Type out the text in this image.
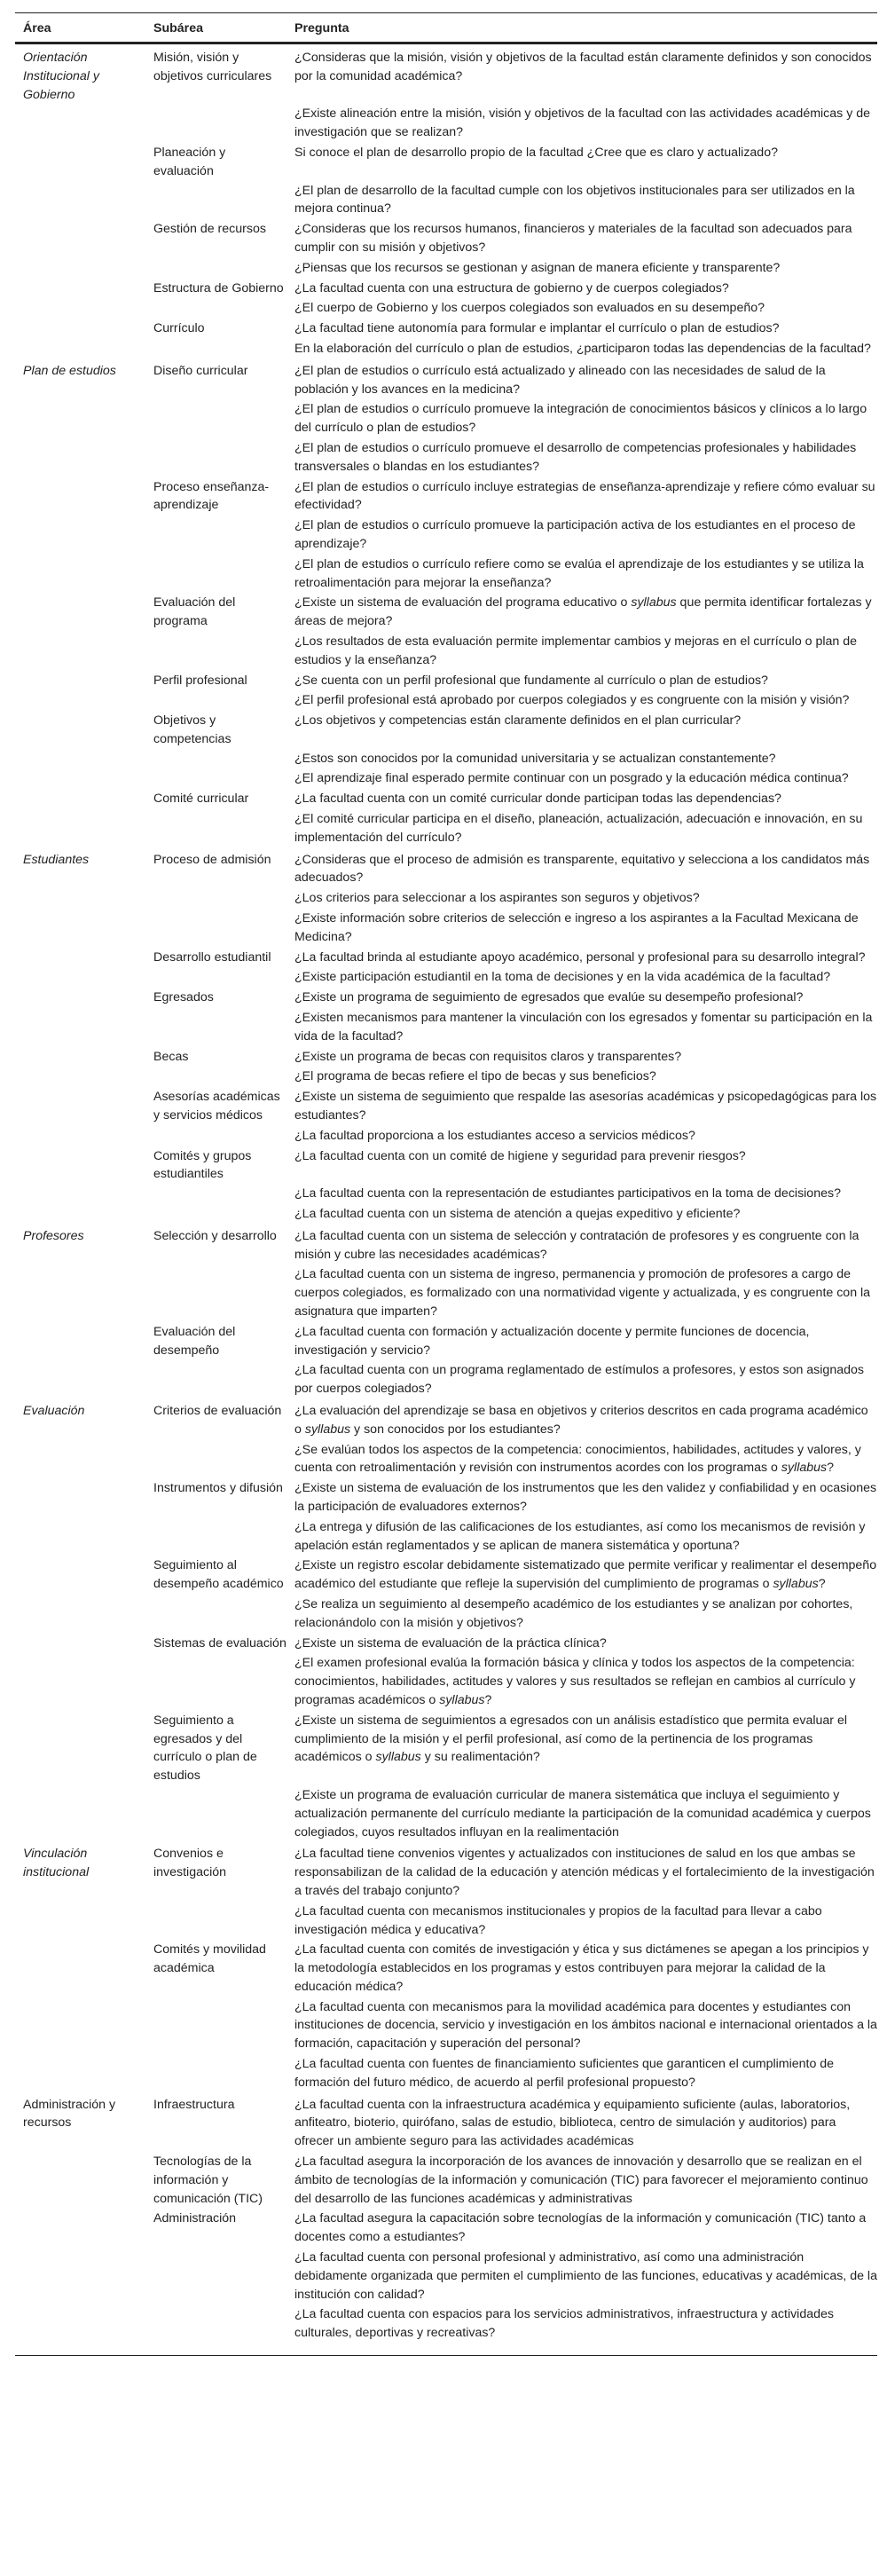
Área	Subárea	Pregunta
Orientación Institucional y Gobierno	Misión, visión y objetivos curriculares	¿Consideras que la misión, visión y objetivos de la facultad están claramente definidos y son conocidos por la comunidad académica?
		¿Existe alineación entre la misión, visión y objetivos de la facultad con las actividades académicas y de investigación que se realizan?
	Planeación y evaluación	Si conoce el plan de desarrollo propio de la facultad ¿Cree que es claro y actualizado?
		¿El plan de desarrollo de la facultad cumple con los objetivos institucionales para ser utilizados en la mejora continua?
	Gestión de recursos	¿Consideras que los recursos humanos, financieros y materiales de la facultad son adecuados para cumplir con su misión y objetivos?
		¿Piensas que los recursos se gestionan y asignan de manera eficiente y transparente?
	Estructura de Gobierno	¿La facultad cuenta con una estructura de gobierno y de cuerpos colegiados?
		¿El cuerpo de Gobierno y los cuerpos colegiados son evaluados en su desempeño?
	Currículo	¿La facultad tiene autonomía para formular e implantar el currículo o plan de estudios?
		En la elaboración del currículo o plan de estudios, ¿participaron todas las dependencias de la facultad?
Plan de estudios	Diseño curricular	¿El plan de estudios o currículo está actualizado y alineado con las necesidades de salud de la población y los avances en la medicina?
		¿El plan de estudios o currículo promueve la integración de conocimientos básicos y clínicos a lo largo del currículo o plan de estudios?
		¿El plan de estudios o currículo promueve el desarrollo de competencias profesionales y habilidades transversales o blandas en los estudiantes?
	Proceso enseñanza-aprendizaje	¿El plan de estudios o currículo incluye estrategias de enseñanza-aprendizaje y refiere cómo evaluar su efectividad?
		¿El plan de estudios o currículo promueve la participación activa de los estudiantes en el proceso de aprendizaje?
		¿El plan de estudios o currículo refiere como se evalúa el aprendizaje de los estudiantes y se utiliza la retroalimentación para mejorar la enseñanza?
	Evaluación del programa	¿Existe un sistema de evaluación del programa educativo o syllabus que permita identificar fortalezas y áreas de mejora?
		¿Los resultados de esta evaluación permite implementar cambios y mejoras en el currículo o plan de estudios y la enseñanza?
	Perfil profesional	¿Se cuenta con un perfil profesional que fundamente al currículo o plan de estudios?
		¿El perfil profesional está aprobado por cuerpos colegiados y es congruente con la misión y visión?
	Objetivos y competencias	¿Los objetivos y competencias están claramente definidos en el plan curricular?
		¿Estos son conocidos por la comunidad universitaria y se actualizan constantemente?
		¿El aprendizaje final esperado permite continuar con un posgrado y la educación médica continua?
	Comité curricular	¿La facultad cuenta con un comité curricular donde participan todas las dependencias?
		¿El comité curricular participa en el diseño, planeación, actualización, adecuación e innovación, en su implementación del currículo?
Estudiantes	Proceso de admisión	¿Consideras que el proceso de admisión es transparente, equitativo y selecciona a los candidatos más adecuados?
		¿Los criterios para seleccionar a los aspirantes son seguros y objetivos?
		¿Existe información sobre criterios de selección e ingreso a los aspirantes a la Facultad Mexicana de Medicina?
	Desarrollo estudiantil	¿La facultad brinda al estudiante apoyo académico, personal y profesional para su desarrollo integral?
		¿Existe participación estudiantil en la toma de decisiones y en la vida académica de la facultad?
	Egresados	¿Existe un programa de seguimiento de egresados que evalúe su desempeño profesional?
		¿Existen mecanismos para mantener la vinculación con los egresados y fomentar su participación en la vida de la facultad?
	Becas	¿Existe un programa de becas con requisitos claros y transparentes?
		¿El programa de becas refiere el tipo de becas y sus beneficios?
	Asesorías académicas y servicios médicos	¿Existe un sistema de seguimiento que respalde las asesorías académicas y psicopedagógicas para los estudiantes?
		¿La facultad proporciona a los estudiantes acceso a servicios médicos?
	Comités y grupos estudiantiles	¿La facultad cuenta con un comité de higiene y seguridad para prevenir riesgos?
		¿La facultad cuenta con la representación de estudiantes participativos en la toma de decisiones?
		¿La facultad cuenta con un sistema de atención a quejas expeditivo y eficiente?
Profesores	Selección y desarrollo	¿La facultad cuenta con un sistema de selección y contratación de profesores y es congruente con la misión y cubre las necesidades académicas?
		¿La facultad cuenta con un sistema de ingreso, permanencia y promoción de profesores a cargo de cuerpos colegiados, es formalizado con una normatividad vigente y actualizada, y es congruente con la asignatura que imparten?
	Evaluación del desempeño	¿La facultad cuenta con formación y actualización docente y permite funciones de docencia, investigación y servicio?
		¿La facultad cuenta con un programa reglamentado de estímulos a profesores, y estos son asignados por cuerpos colegiados?
Evaluación	Criterios de evaluación	¿La evaluación del aprendizaje se basa en objetivos y criterios descritos en cada programa académico o syllabus y son conocidos por los estudiantes?
		¿Se evalúan todos los aspectos de la competencia: conocimientos, habilidades, actitudes y valores, y cuenta con retroalimentación y revisión con instrumentos acordes con los programas o syllabus?
	Instrumentos y difusión	¿Existe un sistema de evaluación de los instrumentos que les den validez y confiabilidad y en ocasiones la participación de evaluadores externos?
		¿La entrega y difusión de las calificaciones de los estudiantes, así como los mecanismos de revisión y apelación están reglamentados y se aplican de manera sistemática y oportuna?
	Seguimiento al desempeño académico	¿Existe un registro escolar debidamente sistematizado que permite verificar y realimentar el desempeño académico del estudiante que refleje la supervisión del cumplimiento de programas o syllabus?
		¿Se realiza un seguimiento al desempeño académico de los estudiantes y se analizan por cohortes, relacionándolo con la misión y objetivos?
	Sistemas de evaluación	¿Existe un sistema de evaluación de la práctica clínica?
		¿El examen profesional evalúa la formación básica y clínica y todos los aspectos de la competencia: conocimientos, habilidades, actitudes y valores y sus resultados se reflejan en cambios al currículo y programas académicos o syllabus?
	Seguimiento a egresados y del currículo o plan de estudios	¿Existe un sistema de seguimientos a egresados con un análisis estadístico que permita evaluar el cumplimiento de la misión y el perfil profesional, así como de la pertinencia de los programas académicos o syllabus y su realimentación?
		¿Existe un programa de evaluación curricular de manera sistemática que incluya el seguimiento y actualización permanente del currículo mediante la participación de la comunidad académica y cuerpos colegiados, cuyos resultados influyan en la realimentación
Vinculación institucional	Convenios e investigación	¿La facultad tiene convenios vigentes y actualizados con instituciones de salud en los que ambas se responsabilizan de la calidad de la educación y atención médicas y el fortalecimiento de la investigación a través del trabajo conjunto?
		¿La facultad cuenta con mecanismos institucionales y propios de la facultad para llevar a cabo investigación médica y educativa?
	Comités y movilidad académica	¿La facultad cuenta con comités de investigación y ética y sus dictámenes se apegan a los principios y la metodología establecidos en los programas y estos contribuyen para mejorar la calidad de la educación médica?
		¿La facultad cuenta con mecanismos para la movilidad académica para docentes y estudiantes con instituciones de docencia, servicio y investigación en los ámbitos nacional e internacional orientados a la formación, capacitación y superación del personal?
		¿La facultad cuenta con fuentes de financiamiento suficientes que garanticen el cumplimiento de formación del futuro médico, de acuerdo al perfil profesional propuesto?
Administración y recursos	Infraestructura	¿La facultad cuenta con la infraestructura académica y equipamiento suficiente (aulas, laboratorios, anfiteatro, bioterio, quirófano, salas de estudio, biblioteca, centro de simulación y auditorios) para ofrecer un ambiente seguro para las actividades académicas
	Tecnologías de la información y comunicación (TIC)	¿La facultad asegura la incorporación de los avances de innovación y desarrollo que se realizan en el ámbito de tecnologías de la información y comunicación (TIC) para favorecer el mejoramiento continuo del desarrollo de las funciones académicas y administrativas
	Administración	¿La facultad asegura la capacitación sobre tecnologías de la información y comunicación (TIC) tanto a docentes como a estudiantes?
		¿La facultad cuenta con personal profesional y administrativo, así como una administración debidamente organizada que permiten el cumplimiento de las funciones, educativas y académicas, de la institución con calidad?
		¿La facultad cuenta con espacios para los servicios administrativos, infraestructura y actividades culturales, deportivas y recreativas?
